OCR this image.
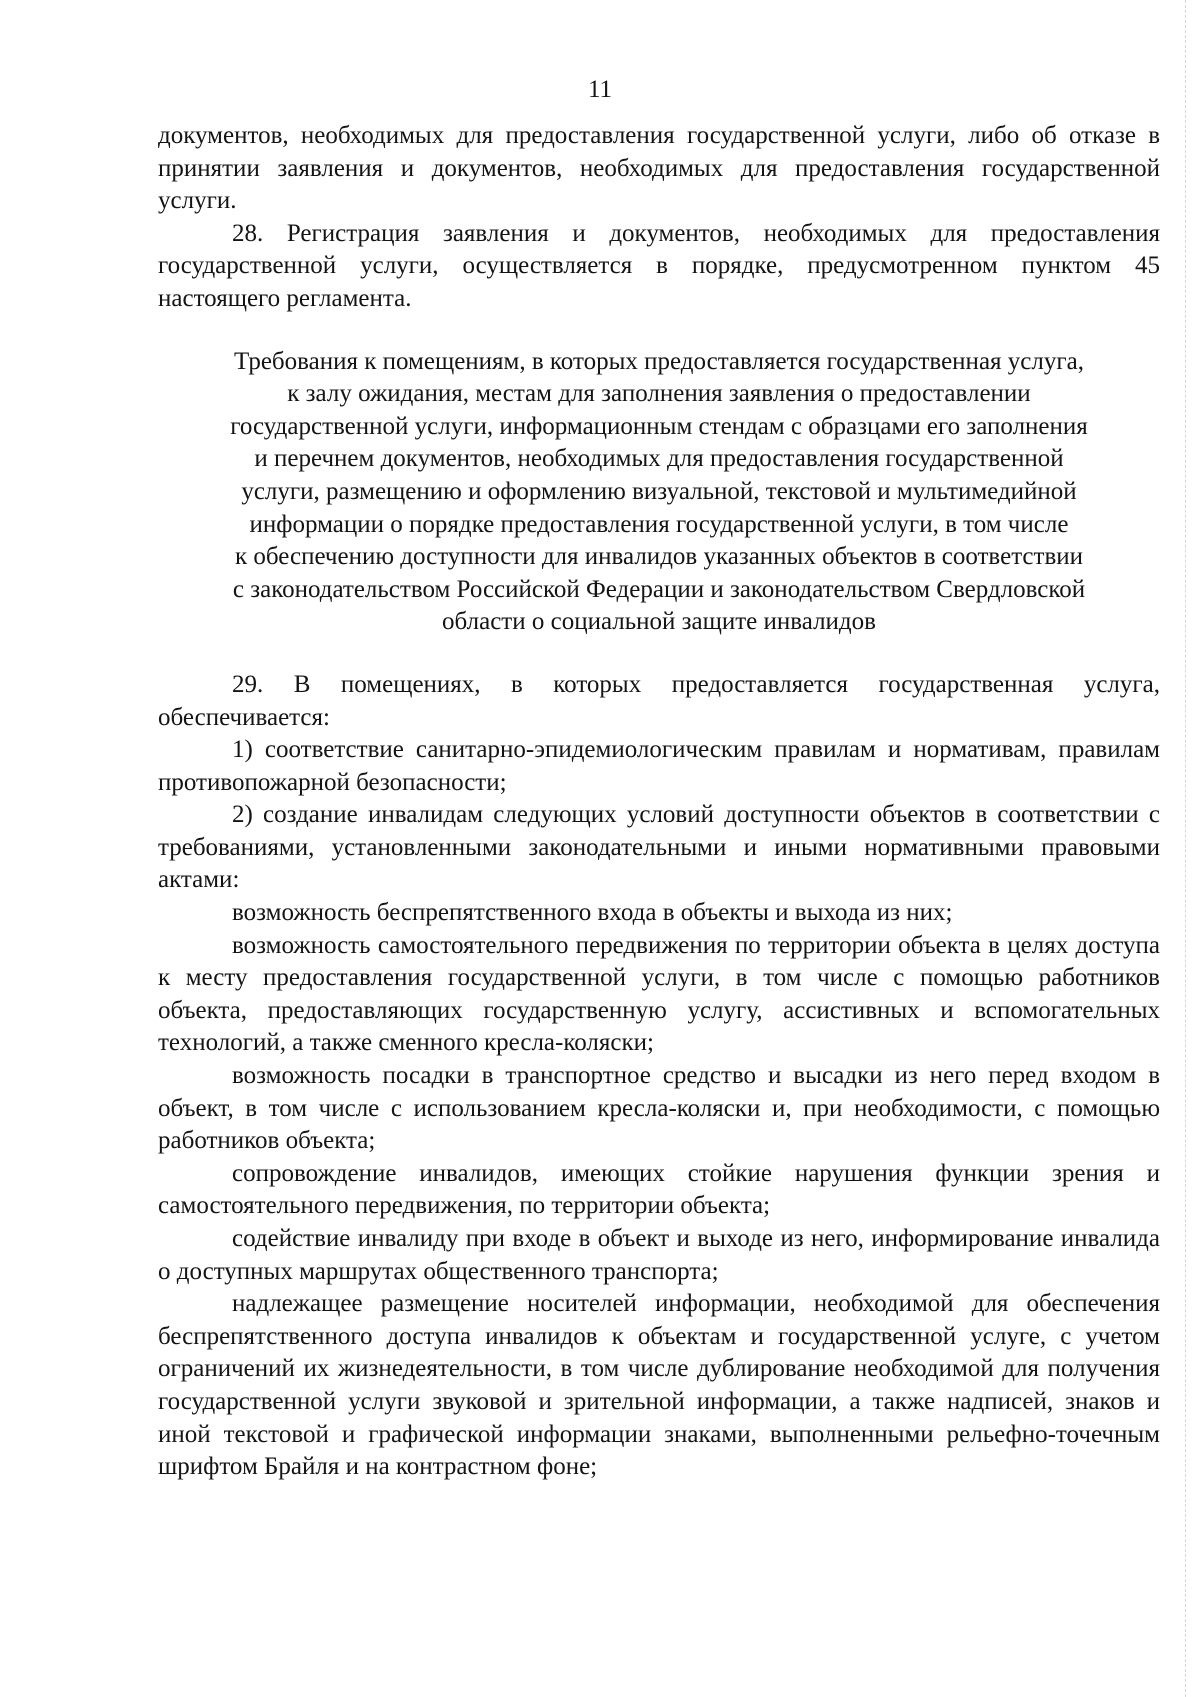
11

документов, необходимых для предоставления государственной услуги, либо об отказе в принятии заявления и документов, необходимых для предоставления государственной услуги.

28. Регистрация заявления и документов, необходимых для предоставления государственной услуги, осуществляется в порядке, предусмотренном пунктом 45 настоящего регламента.

Требования к помещениям, в которых предоставляется государственная услуга,
к залу ожидания, местам для заполнения заявления о предоставлении
государственной услуги, информационным стендам с образцами его заполнения
и перечнем документов, необходимых для предоставления государственной
услуги, размещению и оформлению визуальной, текстовой и мультимедийной
информации о порядке предоставления государственной услуги, в том числе
к обеспечению доступности для инвалидов указанных объектов в соответствии
с законодательством Российской Федерации и законодательством Свердловской
области о социальной защите инвалидов

29. В помещениях, в которых предоставляется государственная услуга, обеспечивается:

1) соответствие санитарно-эпидемиологическим правилам и нормативам, правилам противопожарной безопасности;

2) создание инвалидам следующих условий доступности объектов в соответствии с требованиями, установленными законодательными и иными нормативными правовыми актами:

возможность беспрепятственного входа в объекты и выхода из них;

возможность самостоятельного передвижения по территории объекта в целях доступа к месту предоставления государственной услуги, в том числе с помощью работников объекта, предоставляющих государственную услугу, ассистивных и вспомогательных технологий, а также сменного кресла-коляски;

возможность посадки в транспортное средство и высадки из него перед входом в объект, в том числе с использованием кресла-коляски и, при необходимости, с помощью работников объекта;

сопровождение инвалидов, имеющих стойкие нарушения функции зрения и самостоятельного передвижения, по территории объекта;

содействие инвалиду при входе в объект и выходе из него, информирование инвалида о доступных маршрутах общественного транспорта;

надлежащее размещение носителей информации, необходимой для обеспечения беспрепятственного доступа инвалидов к объектам и государственной услуге, с учетом ограничений их жизнедеятельности, в том числе дублирование необходимой для получения государственной услуги звуковой и зрительной информации, а также надписей, знаков и иной текстовой и графической информации знаками, выполненными рельефно-точечным шрифтом Брайля и на контрастном фоне;
